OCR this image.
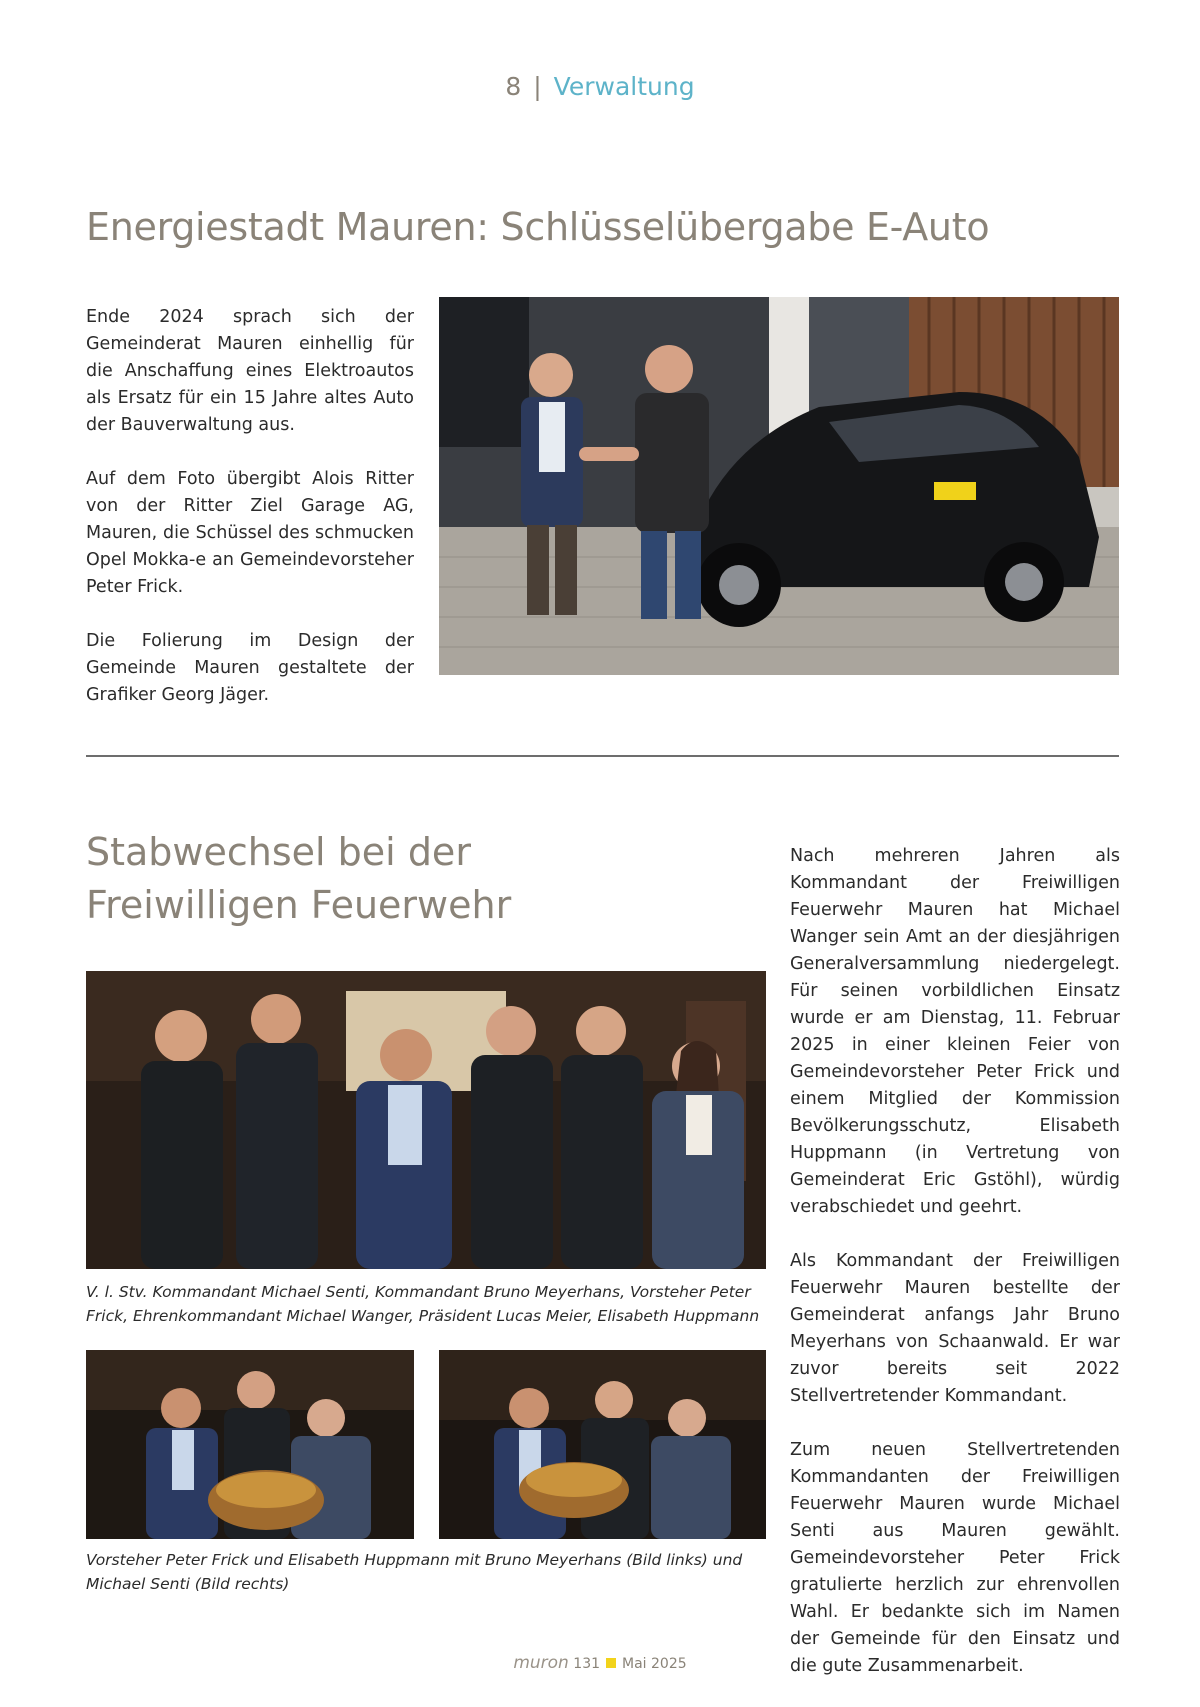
8 | Verwaltung
Energiestadt Mauren: Schlüsselübergabe E-Auto

Ende 2024 sprach sich der Gemeinderat Mauren einhellig für die Anschaffung eines Elektroautos als Ersatz für ein 15 Jahre altes Auto der Bauverwaltung aus.

Auf dem Foto übergibt Alois Ritter von der Ritter Ziel Garage AG, Mauren, die Schüssel des schmucken Opel Mokka-e an Gemeindevorsteher Peter Frick.

Die Folierung im Design der Gemeinde Mauren gestaltete der Grafiker Georg Jäger.

Stabwechsel bei der
Freiwilligen Feuerwehr
V. l. Stv. Kommandant Michael Senti, Kommandant Bruno Meyerhans, Vorsteher Peter Frick, Ehrenkommandant Michael Wanger, Präsident Lucas Meier, Elisabeth Huppmann
Vorsteher Peter Frick und Elisabeth Huppmann mit Bruno Meyerhans (Bild links) und Michael Senti (Bild rechts)

Nach mehreren Jahren als Kommandant der Freiwilligen Feuerwehr Mauren hat Michael Wanger sein Amt an der diesjährigen Generalversammlung niedergelegt. Für seinen vorbildlichen Einsatz wurde er am Dienstag, 11. Februar 2025 in einer kleinen Feier von Gemeindevorsteher Peter Frick und einem Mitglied der Kommission Bevölkerungsschutz, Elisabeth Huppmann (in Vertretung von Gemeinderat Eric Gstöhl), würdig verabschiedet und geehrt.

Als Kommandant der Freiwilligen Feuerwehr Mauren bestellte der Gemeinderat anfangs Jahr Bruno Meyerhans von Schaanwald. Er war zuvor bereits seit 2022 Stellvertretender Kommandant.

Zum neuen Stellvertretenden Kommandanten der Freiwilligen Feuerwehr Mauren wurde Michael Senti aus Mauren gewählt. Gemeindevorsteher Peter Frick gratulierte herzlich zur ehrenvollen Wahl. Er bedankte sich im Namen der Gemeinde für den Einsatz und die gute Zusammenarbeit.

muron 131 Mai 2025
